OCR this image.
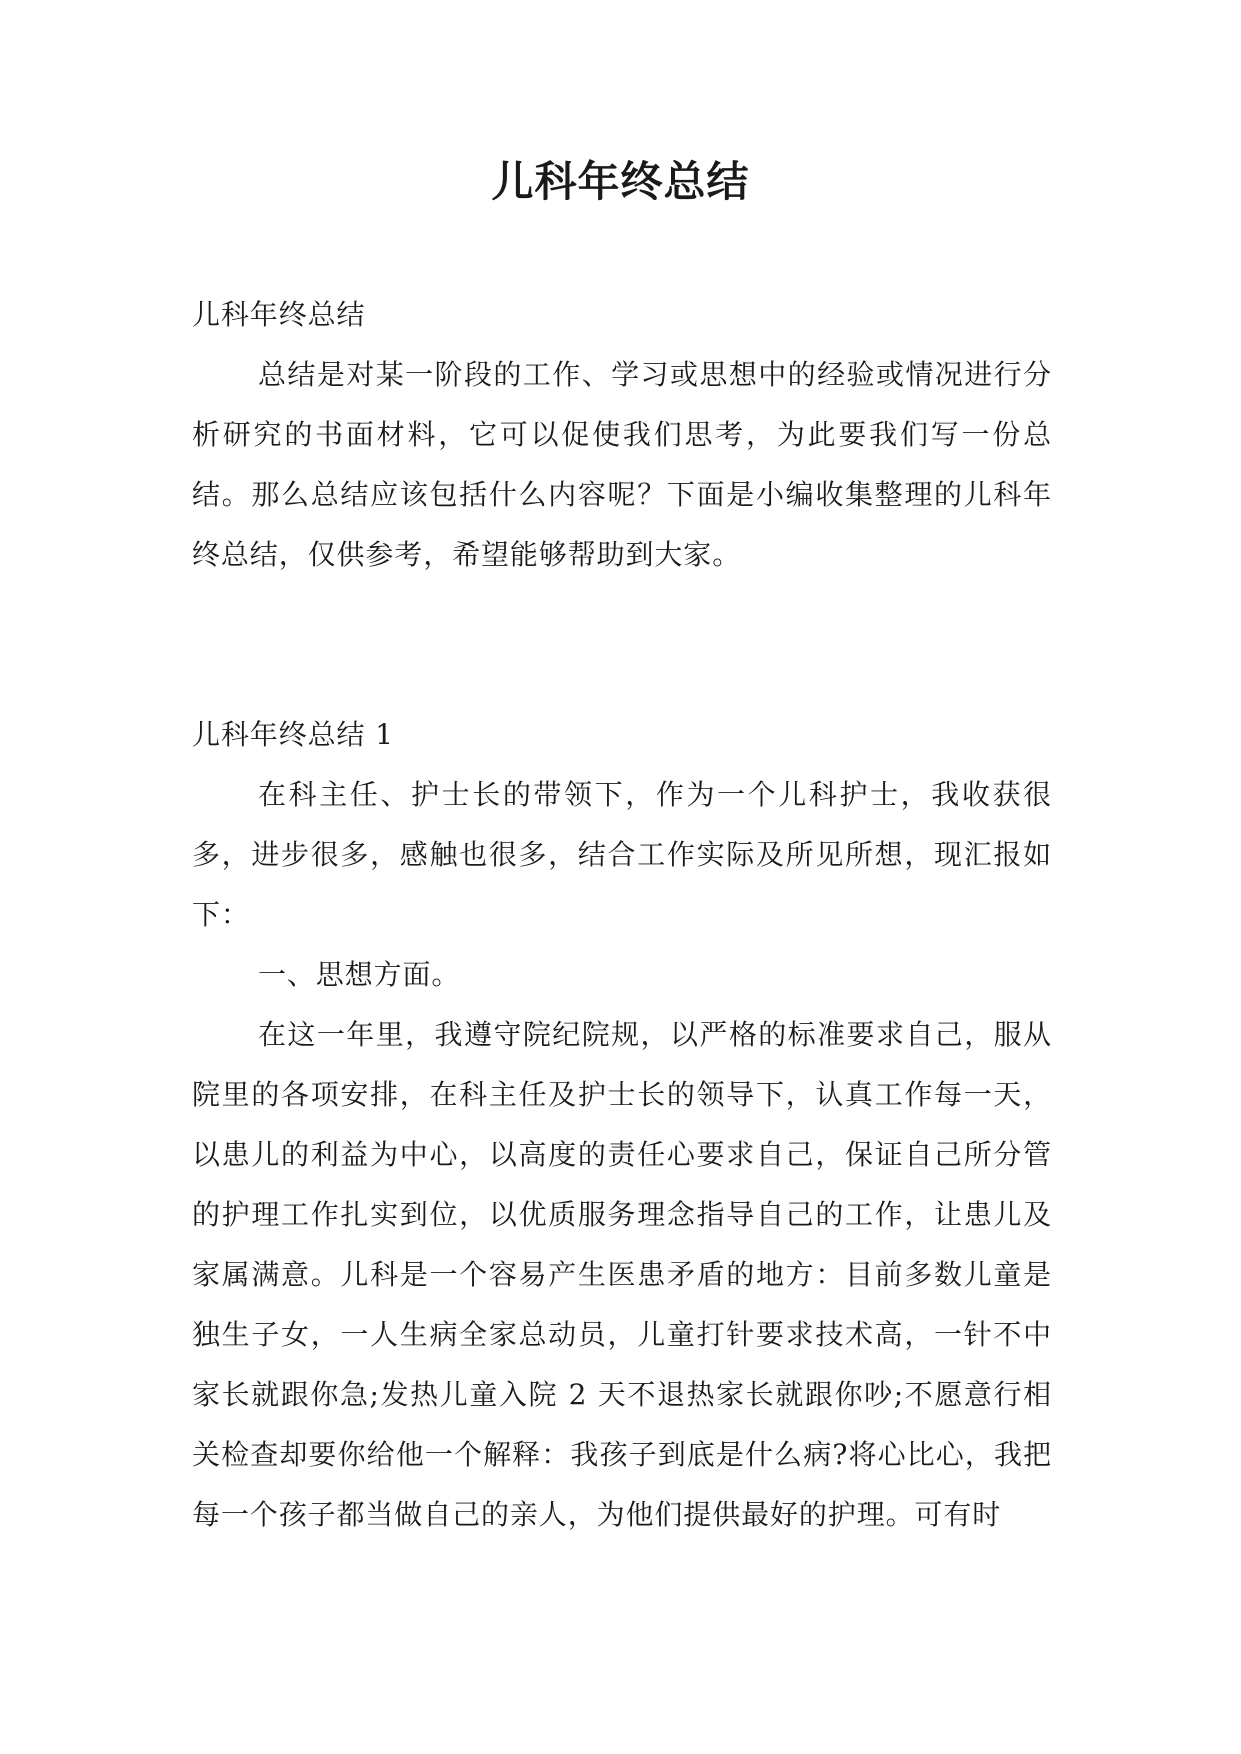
儿科年终总结

儿科年终总结

总结是对某一阶段的工作、学习或思想中的经验或情况进行分析研究的书面材料，它可以促使我们思考，为此要我们写一份总结。那么总结应该包括什么内容呢？下面是小编收集整理的儿科年终总结，仅供参考，希望能够帮助到大家。

儿科年终总结 1

在科主任、护士长的带领下，作为一个儿科护士，我收获很多，进步很多，感触也很多，结合工作实际及所见所想，现汇报如下：

一、思想方面。

在这一年里，我遵守院纪院规，以严格的标准要求自己，服从院里的各项安排，在科主任及护士长的领导下，认真工作每一天，以患儿的利益为中心，以高度的责任心要求自己，保证自己所分管的护理工作扎实到位，以优质服务理念指导自己的工作，让患儿及家属满意。儿科是一个容易产生医患矛盾的地方：目前多数儿童是独生子女，一人生病全家总动员，儿童打针要求技术高，一针不中家长就跟你急;发热儿童入院 2 天不退热家长就跟你吵;不愿意行相关检查却要你给他一个解释：我孩子到底是什么病?将心比心，我把每一个孩子都当做自己的亲人，为他们提供最好的护理。可有时
